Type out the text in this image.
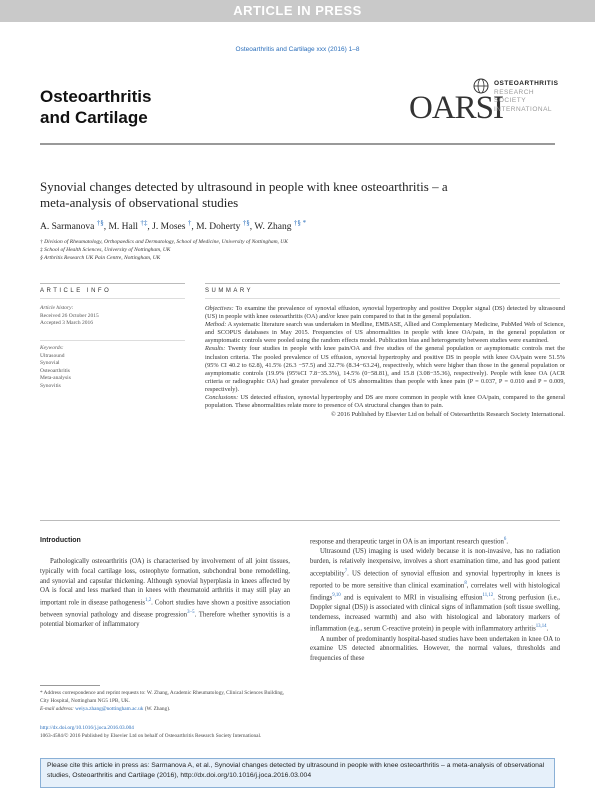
ARTICLE IN PRESS
Osteoarthritis and Cartilage xxx (2016) 1–8
Osteoarthritis
and Cartilage	OARSI
OSTEOARTHRITIS
RESEARCH SOCIETY
INTERNATIONAL
Synovial changes detected by ultrasound in people with knee osteoarthritis – a meta-analysis of observational studies
A. Sarmanova †§, M. Hall †‡, J. Moses †, M. Doherty †§, W. Zhang †§ *
† Division of Rheumatology, Orthopaedics and Dermatology, School of Medicine, University of Nottingham, UK
‡ School of Health Sciences, University of Nottingham, UK
§ Arthritis Research UK Pain Centre, Nottingham, UK
ARTICLE INFO	SUMMARY
Article history:
Received 26 October 2015
Accepted 3 March 2016
Keywords:
Ultrasound
Synovial
Osteoarthritis
Meta-analysis
Synovitis

Objectives: To examine the prevalence of synovial effusion, synovial hypertrophy and positive Doppler signal (DS) detected by ultrasound (US) in people with knee osteoarthritis (OA) and/or knee pain compared to that in the general population.

Method: A systematic literature search was undertaken in Medline, EMBASE, Allied and Complementary Medicine, PubMed Web of Science, and SCOPUS databases in May 2015. Frequencies of US abnormalities in people with knee OA/pain, in the general population or asymptomatic controls were pooled using the random effects model. Publication bias and heterogeneity between studies were examined.

Results: Twenty four studies in people with knee pain/OA and five studies of the general population or asymptomatic controls met the inclusion criteria. The pooled prevalence of US effusion, synovial hypertrophy and positive DS in people with knee OA/pain were 51.5% (95% CI 40.2 to 62.8), 41.5% (26.3 −57.5) and 32.7% (8.34−63.24), respectively, which were higher than those in the general population or asymptomatic controls (19.9% (95%CI 7.8−35.3%), 14.5% (0−58.81), and 15.8 (3.08−35.36), respectively). People with knee OA (ACR criteria or radiographic OA) had greater prevalence of US abnormalities than people with knee pain (P = 0.037, P = 0.010 and P = 0.009, respectively).

Conclusions: US detected effusion, synovial hypertrophy and DS are more common in people with knee OA/pain, compared to the general population. These abnormalities relate more to presence of OA structural changes than to pain.

© 2016 Published by Elsevier Ltd on behalf of Osteoarthritis Research Society International.

Introduction

Pathologically osteoarthritis (OA) is characterised by involvement of all joint tissues, typically with focal cartilage loss, osteophyte formation, subchondral bone remodelling, and synovial and capsular thickening. Although synovial hyperplasia in knees affected by OA is focal and less marked than in knees with rheumatoid arthritis it may still play an important role in disease pathogenesis$^{1,2}$. Cohort studies have shown a positive association between synovial pathology and disease progression$^{3-5}$. Therefore whether synovitis is a potential biomarker of inflammatory

response and therapeutic target in OA is an important research question$^6$.

Ultrasound (US) imaging is used widely because it is non-invasive, has no radiation burden, is relatively inexpensive, involves a short examination time, and has good patient acceptability$^7$. US detection of synovial effusion and synovial hypertrophy in knees is reported to be more sensitive than clinical examination$^8$, correlates well with histological findings$^{9,10}$ and is equivalent to MRI in visualising effusion$^{11,12}$. Strong perfusion (i.e., Doppler signal (DS)) is associated with clinical signs of inflammation (soft tissue swelling, tenderness, increased warmth) and also with histological and laboratory markers of inflammation (e.g., serum C-reactive protein) in people with inflammatory arthritis$^{13,14}$.

A number of predominantly hospital-based studies have been undertaken in knee OA to examine US detected abnormalities. However, the normal values, thresholds and frequencies of these

* Address correspondence and reprint requests to: W. Zhang, Academic Rheumatology, Clinical Sciences Building, City Hospital, Nottingham NG5 1PB, UK.
E-mail address: weiya.zhang@nottingham.ac.uk (W. Zhang).
http://dx.doi.org/10.1016/j.joca.2016.03.004
1063-4584/© 2016 Published by Elsevier Ltd on behalf of Osteoarthritis Research Society International.
Please cite this article in press as: Sarmanova A, et al., Synovial changes detected by ultrasound in people with knee osteoarthritis – a meta-analysis of observational studies, Osteoarthritis and Cartilage (2016), http://dx.doi.org/10.1016/j.joca.2016.03.004
